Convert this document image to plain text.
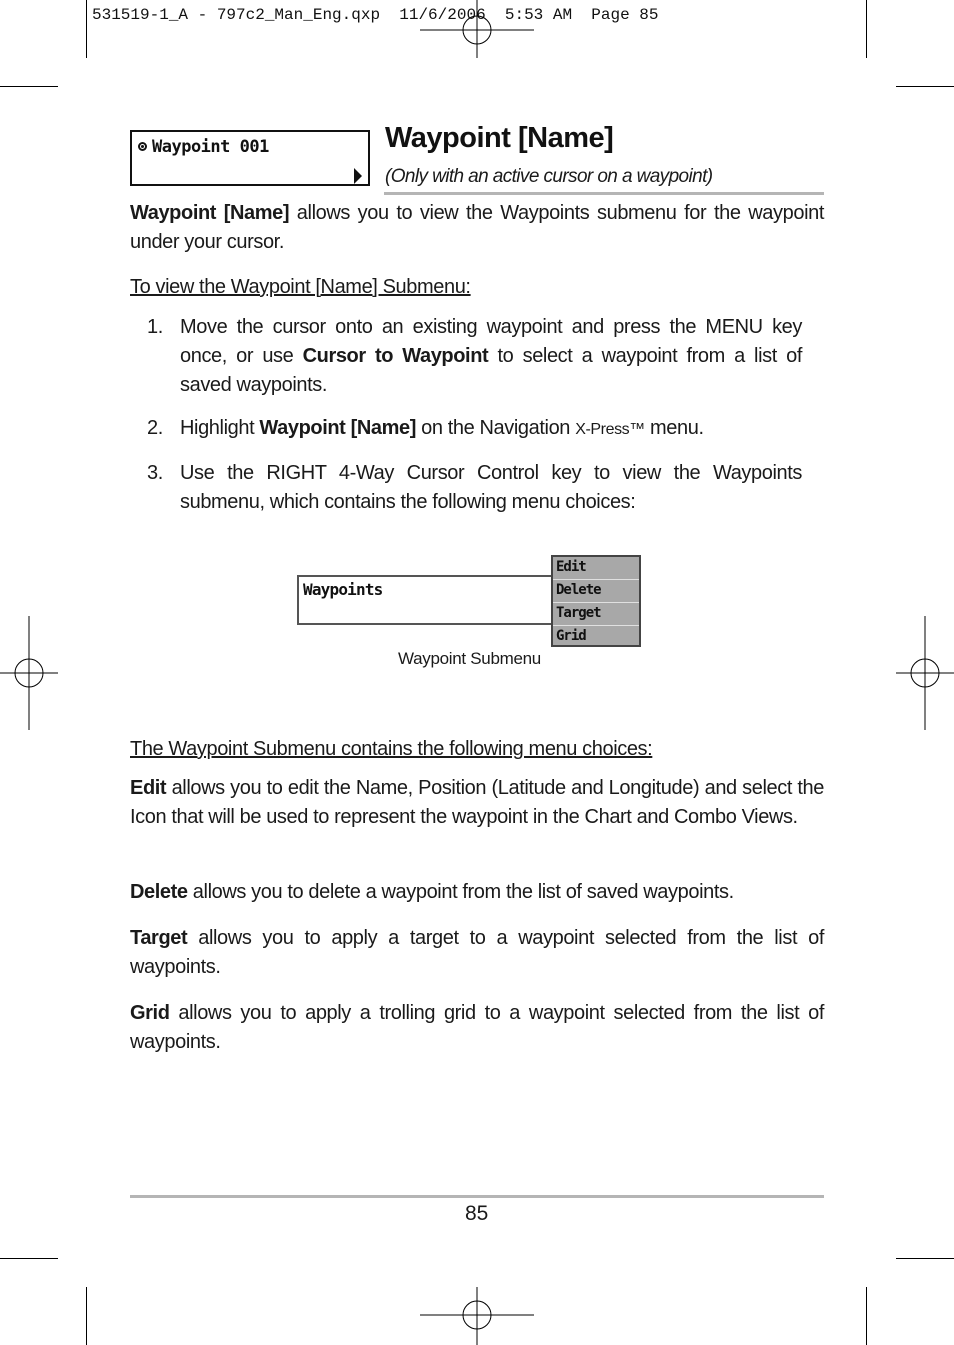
531519-1_A - 797c2_Man_Eng.qxp  11/6/2006  5:53 AM  Page 85
Waypoint 001	Waypoint [Name]
(Only with an active cursor on a waypoint)

Waypoint [Name] allows you to view the Waypoints submenu for the waypoint under your cursor.

To view the Waypoint [Name] Submenu:
1. Move the cursor onto an existing waypoint and press the MENU key once, or use Cursor to Waypoint to select a waypoint from a list of saved waypoints.
2. Highlight Waypoint [Name] on the Navigation X-Press™ menu.
3. Use the RIGHT 4-Way Cursor Control key to view the Waypoints submenu, which contains the following menu choices:
Waypoints
Edit
Delete
Target
Grid
Waypoint Submenu
The Waypoint Submenu contains the following menu choices:

Edit allows you to edit the Name, Position (Latitude and Longitude) and select the Icon that will be used to represent the waypoint in the Chart and Combo Views.

Delete allows you to delete a waypoint from the list of saved waypoints.

Target allows you to apply a target to a waypoint selected from the list of waypoints.

Grid allows you to apply a trolling grid to a waypoint selected from the list of waypoints.

85
